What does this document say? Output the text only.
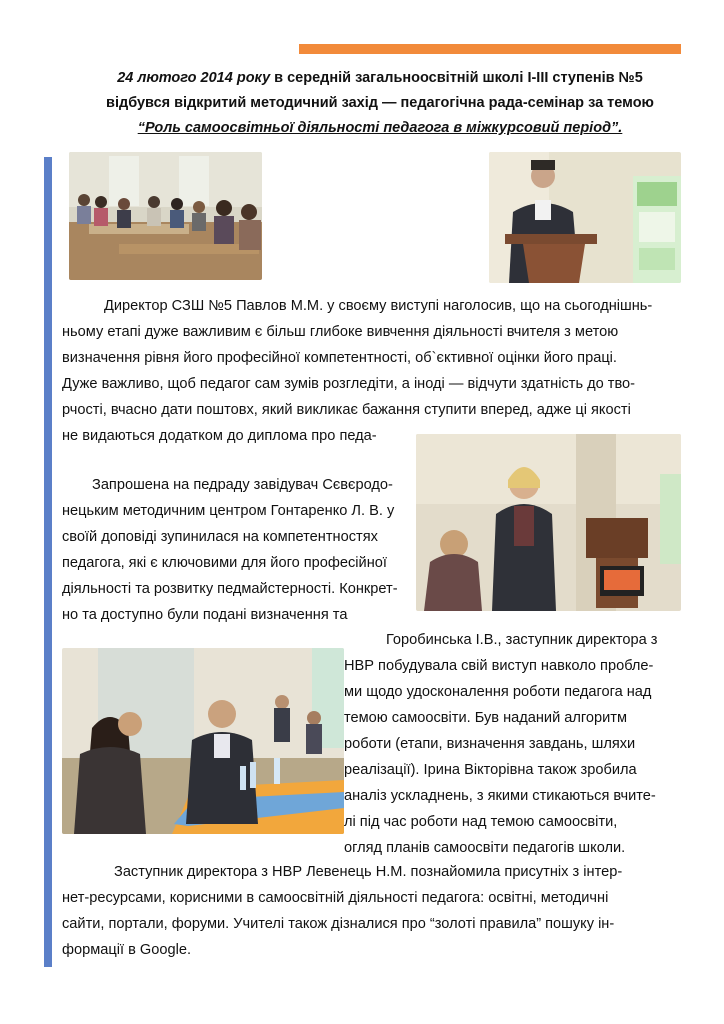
24 лютого 2014 року в середній загальноосвітній школі І-ІІІ ступенів №5
відбувся відкритий методичний захід — педагогічна рада-семінар за темою
“Роль самоосвітньої діяльності педагога в міжкурсовий період”.
Директор СЗШ №5 Павлов М.М. у своєму виступі наголосив, що на сьогоднішнь-
ньому етапі дуже важливим є більш глибоке вивчення діяльності вчителя з метою
визначення рівня його професійної компетентності, об`єктивної оцінки його праці.
Дуже важливо, щоб педагог сам зумів розгледіти, а іноді — відчути здатність до тво-
рчості, вчасно дати поштовх, який викликає бажання ступити вперед, адже ці якості
не видаються додатком до диплома про педа-
Запрошена на педраду завідувач Сєвєродо-
нецьким методичним центром Гонтаренко Л. В. у
своїй доповіді зупинилася на компетентностях
педагога, які є ключовими для його професійної
діяльності та розвитку педмайстерності. Конкрет-
но та доступно були подані визначення та
Горобинська І.В., заступник директора з
НВР побудувала свій виступ навколо пробле-
ми щодо удосконалення роботи педагога над
темою самоосвіти. Був наданий алгоритм
роботи (етапи, визначення завдань, шляхи
реалізації). Ірина Вікторівна також зробила
аналіз ускладнень, з якими стикаються вчите-
лі під час роботи над темою самоосвіти,
огляд планів самоосвіти педагогів школи.
Заступник директора з НВР Левенець Н.М. познайомила присутніх з інтер-
нет-ресурсами, корисними в самоосвітній діяльності педагога: освітні, методичні
сайти, портали, форуми. Учителі також дізналися про “золоті правила” пошуку ін-
формації в Google.
